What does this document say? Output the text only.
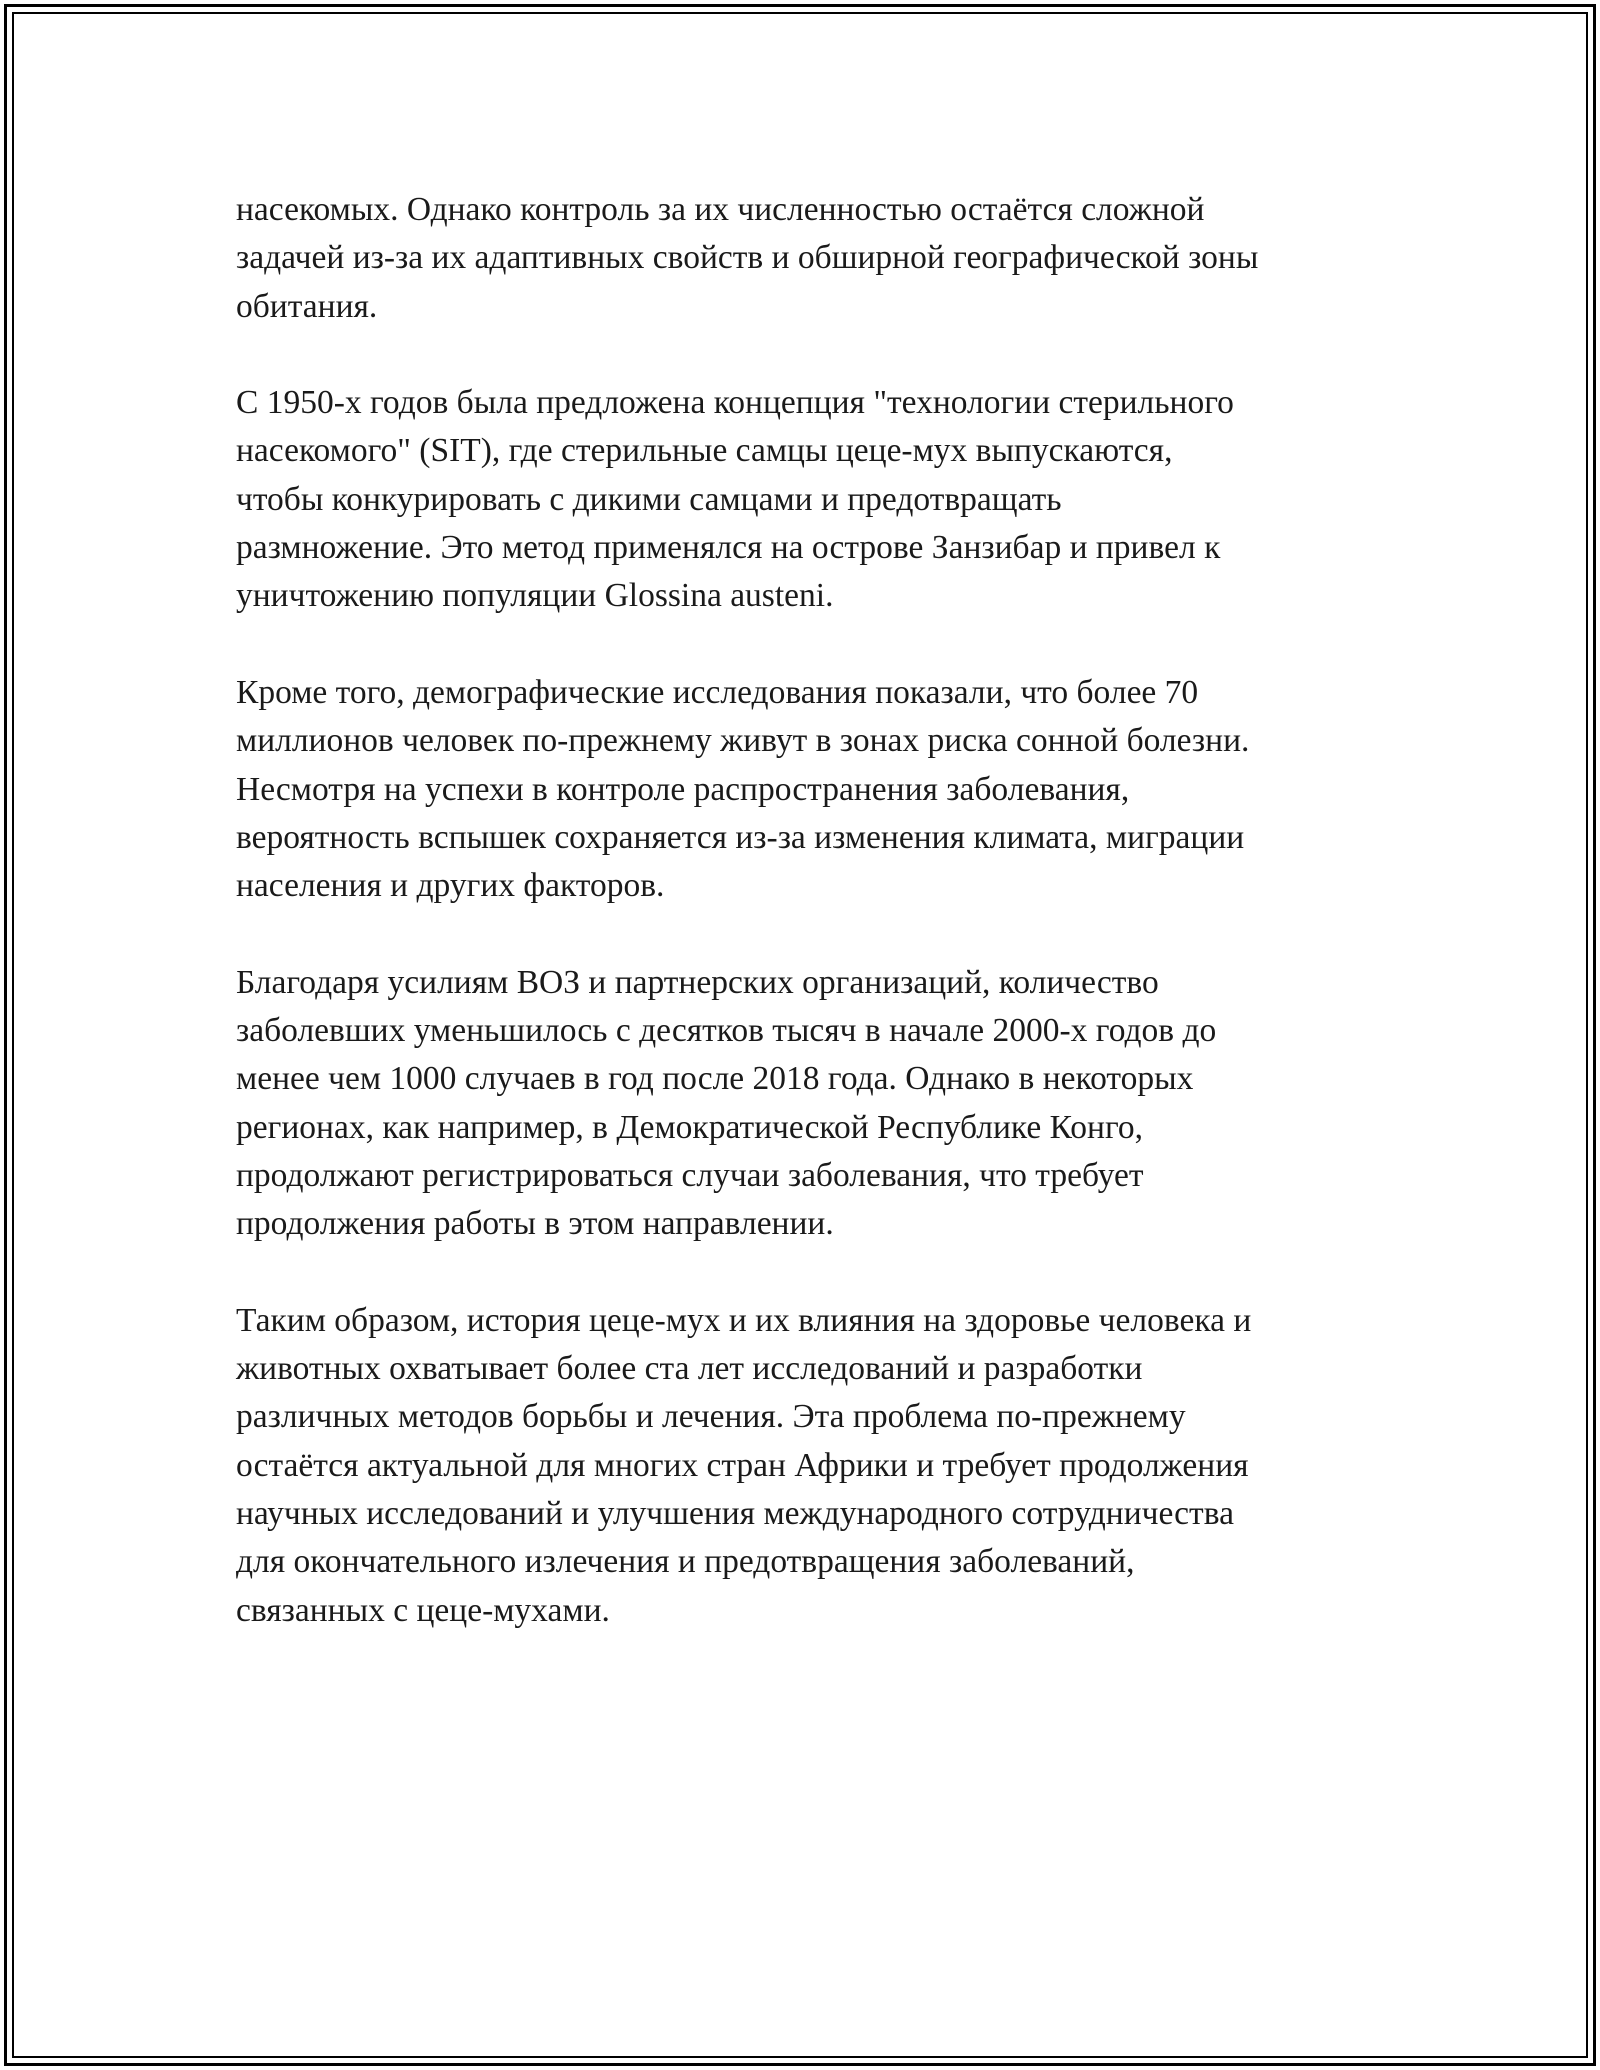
насекомых. Однако контроль за их численностью остаётся сложной
задачей из-за их адаптивных свойств и обширной географической зоны
обитания.

С 1950-х годов была предложена концепция "технологии стерильного
насекомого" (SIT), где стерильные самцы цеце-мух выпускаются,
чтобы конкурировать с дикими самцами и предотвращать
размножение. Это метод применялся на острове Занзибар и привел к
уничтожению популяции Glossina austeni.

Кроме того, демографические исследования показали, что более 70
миллионов человек по-прежнему живут в зонах риска сонной болезни.
Несмотря на успехи в контроле распространения заболевания,
вероятность вспышек сохраняется из-за изменения климата, миграции
населения и других факторов.

Благодаря усилиям ВОЗ и партнерских организаций, количество
заболевших уменьшилось с десятков тысяч в начале 2000-х годов до
менее чем 1000 случаев в год после 2018 года. Однако в некоторых
регионах, как например, в Демократической Республике Конго,
продолжают регистрироваться случаи заболевания, что требует
продолжения работы в этом направлении.

Таким образом, история цеце-мух и их влияния на здоровье человека и
животных охватывает более ста лет исследований и разработки
различных методов борьбы и лечения. Эта проблема по-прежнему
остаётся актуальной для многих стран Африки и требует продолжения
научных исследований и улучшения международного сотрудничества
для окончательного излечения и предотвращения заболеваний,
связанных с цеце-мухами.
